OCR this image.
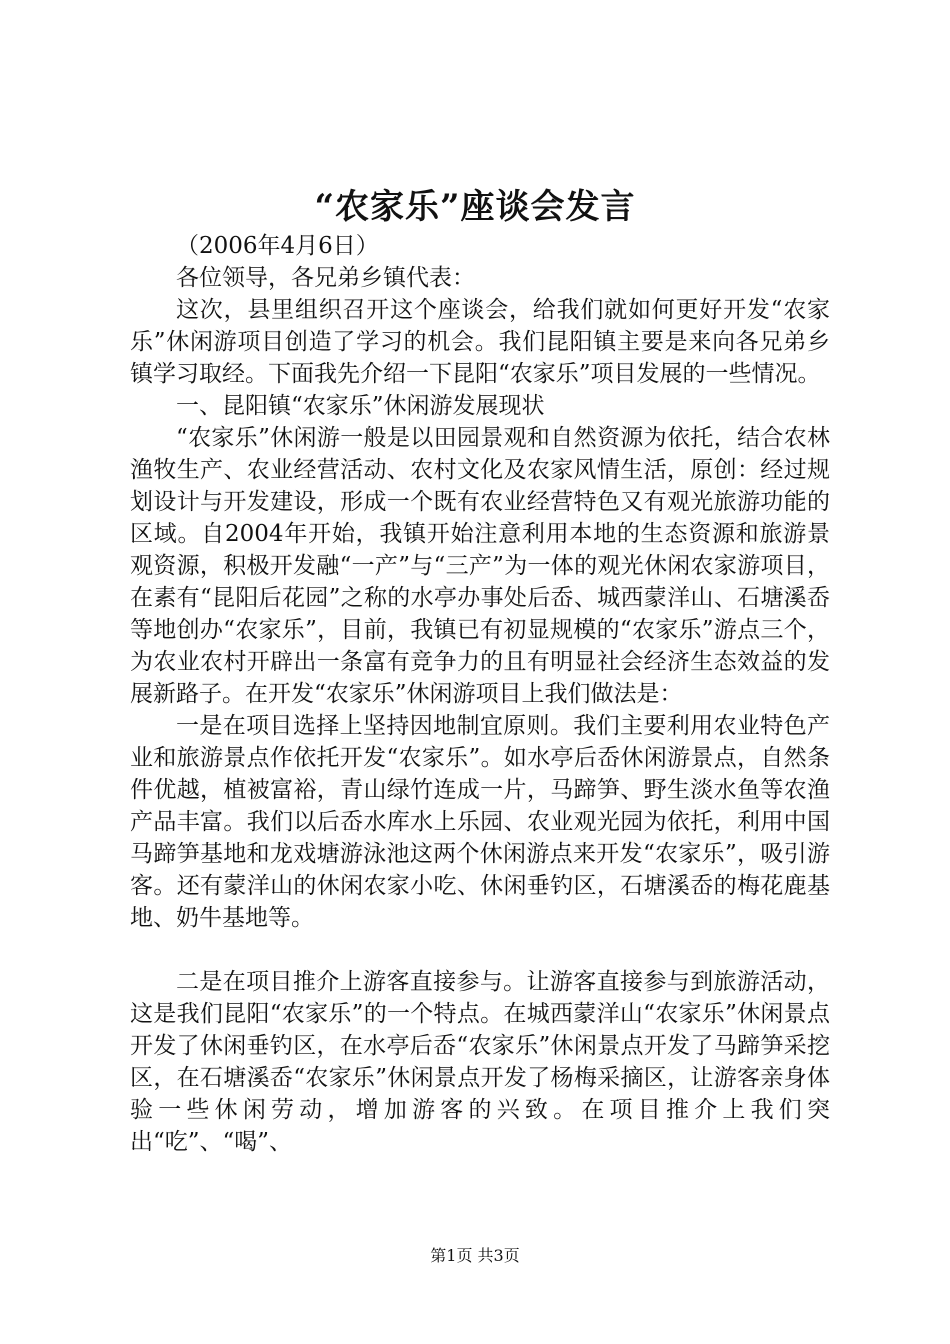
“农家乐”座谈会发言

（2006年4月6日）

各位领导，各兄弟乡镇代表：

这次，县里组织召开这个座谈会，给我们就如何更好开发“农家乐”休闲游项目创造了学习的机会。我们昆阳镇主要是来向各兄弟乡镇学习取经。下面我先介绍一下昆阳“农家乐”项目发展的一些情况。

一、昆阳镇“农家乐”休闲游发展现状

“农家乐”休闲游一般是以田园景观和自然资源为依托，结合农林渔牧生产、农业经营活动、农村文化及农家风情生活，原创：经过规划设计与开发建设，形成一个既有农业经营特色又有观光旅游功能的区域。自2004年开始，我镇开始注意利用本地的生态资源和旅游景观资源，积极开发融“一产”与“三产”为一体的观光休闲农家游项目，在素有“昆阳后花园”之称的水亭办事处后岙、城西蒙洋山、石塘溪岙等地创办“农家乐”，目前，我镇已有初显规模的“农家乐”游点三个，为农业农村开辟出一条富有竞争力的且有明显社会经济生态效益的发展新路子。在开发“农家乐”休闲游项目上我们做法是：

一是在项目选择上坚持因地制宜原则。我们主要利用农业特色产业和旅游景点作依托开发“农家乐”。如水亭后岙休闲游景点，自然条件优越，植被富裕，青山绿竹连成一片，马蹄笋、野生淡水鱼等农渔产品丰富。我们以后岙水库水上乐园、农业观光园为依托，利用中国马蹄笋基地和龙戏塘游泳池这两个休闲游点来开发“农家乐”，吸引游客。还有蒙洋山的休闲农家小吃、休闲垂钓区，石塘溪岙的梅花鹿基地、奶牛基地等。

二是在项目推介上游客直接参与。让游客直接参与到旅游活动，这是我们昆阳“农家乐”的一个特点。在城西蒙洋山“农家乐”休闲景点开发了休闲垂钓区，在水亭后岙“农家乐”休闲景点开发了马蹄笋采挖区，在石塘溪岙“农家乐”休闲景点开发了杨梅采摘区，让游客亲身体验一些休闲劳动，增加游客的兴致。在项目推介上我们突出“吃”、“喝”、

第1页 共3页
